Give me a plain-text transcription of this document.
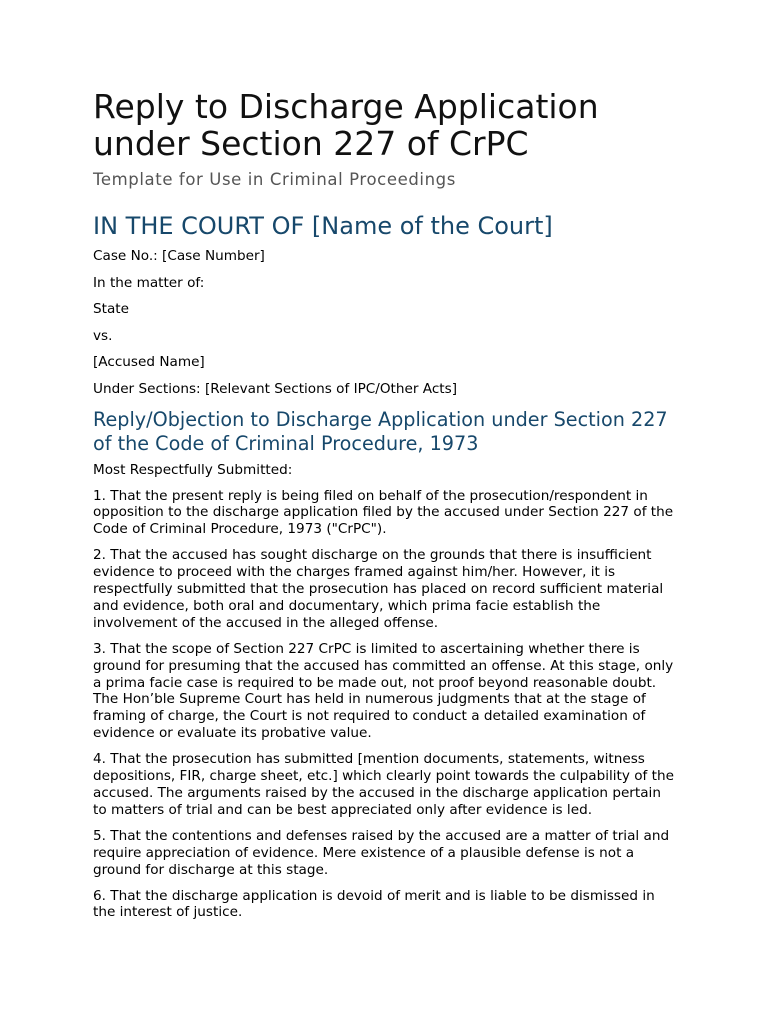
Reply to Discharge Application under Section 227 of CrPC
Template for Use in Criminal Proceedings
IN THE COURT OF [Name of the Court]

Case No.: [Case Number]

In the matter of:

State

vs.

[Accused Name]

Under Sections: [Relevant Sections of IPC/Other Acts]

Reply/Objection to Discharge Application under Section 227 of the Code of Criminal Procedure, 1973

Most Respectfully Submitted:

1. That the present reply is being filed on behalf of the prosecution/respondent in opposition to the discharge application filed by the accused under Section 227 of the Code of Criminal Procedure, 1973 ("CrPC").

2. That the accused has sought discharge on the grounds that there is insufficient evidence to proceed with the charges framed against him/her. However, it is respectfully submitted that the prosecution has placed on record sufficient material and evidence, both oral and documentary, which prima facie establish the involvement of the accused in the alleged offense.

3. That the scope of Section 227 CrPC is limited to ascertaining whether there is ground for presuming that the accused has committed an offense. At this stage, only a prima facie case is required to be made out, not proof beyond reasonable doubt. The Hon’ble Supreme Court has held in numerous judgments that at the stage of framing of charge, the Court is not required to conduct a detailed examination of evidence or evaluate its probative value.

4. That the prosecution has submitted [mention documents, statements, witness depositions, FIR, charge sheet, etc.] which clearly point towards the culpability of the accused. The arguments raised by the accused in the discharge application pertain to matters of trial and can be best appreciated only after evidence is led.

5. That the contentions and defenses raised by the accused are a matter of trial and require appreciation of evidence. Mere existence of a plausible defense is not a ground for discharge at this stage.

6. That the discharge application is devoid of merit and is liable to be dismissed in the interest of justice.
